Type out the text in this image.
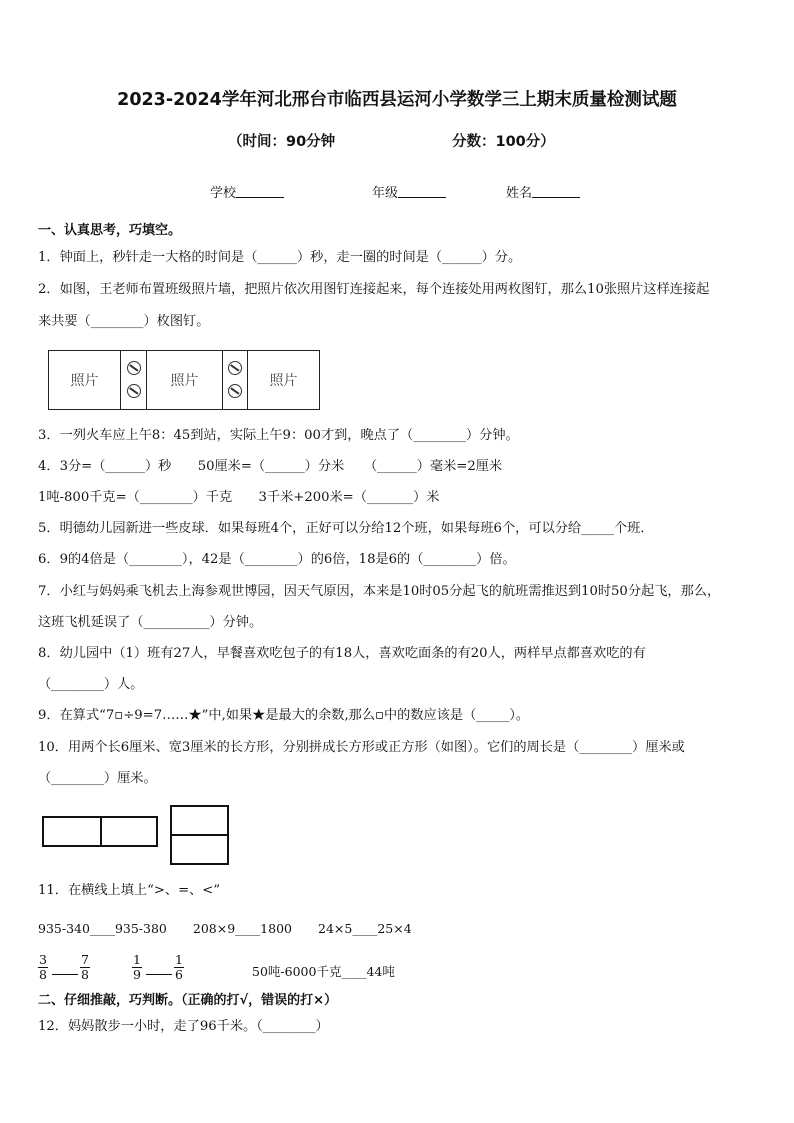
2023-2024学年河北邢台市临西县运河小学数学三上期末质量检测试题
（时间：90分钟	分数：100分）
学校	年级	姓名
一、认真思考，巧填空。
1．钟面上，秒针走一大格的时间是（______）秒，走一圈的时间是（______）分。
2．如图，王老师布置班级照片墙，把照片依次用图钉连接起来，每个连接处用两枚图钉，那么10张照片这样连接起
来共要（________）枚图钉。
照片	照片	照片
3．一列火车应上午8：45到站，实际上午9：00才到，晚点了（________）分钟。
4．3分=（______）秒　　50厘米=（______）分米　　（______）毫米=2厘米
1吨-800千克=（________）千克　　3千米+200米=（_______）米
5．明德幼儿园新进一些皮球．如果每班4个，正好可以分给12个班，如果每班6个，可以分给_____个班．
6．9的4倍是（________），42是（________）的6倍，18是6的（________）倍。
7．小红与妈妈乘飞机去上海参观世博园，因天气原因，本来是10时05分起飞的航班需推迟到10时50分起飞，那么，
这班飞机延误了（__________）分钟。
8．幼儿园中（1）班有27人，早餐喜欢吃包子的有18人，喜欢吃面条的有20人，两样早点都喜欢吃的有
（________）人。
9．在算式“7▫÷9=7……★”中,如果★是最大的余数,那么▫中的数应该是（_____）。
10．用两个长6厘米、宽3厘米的长方形，分别拼成长方形或正方形（如图）。它们的周长是（________）厘米或
（________）厘米。
11．在横线上填上“>、=、<”
935-340____935-380 208×9____1800 24×5____25×4
$\frac{3}{8}$	$\frac{7}{8}$	$\frac{1}{9}$	$\frac{1}{6}$	50吨-6000千克____44吨
二、仔细推敲，巧判断。（正确的打√，错误的打×）
12．妈妈散步一小时，走了96千米。（________）
